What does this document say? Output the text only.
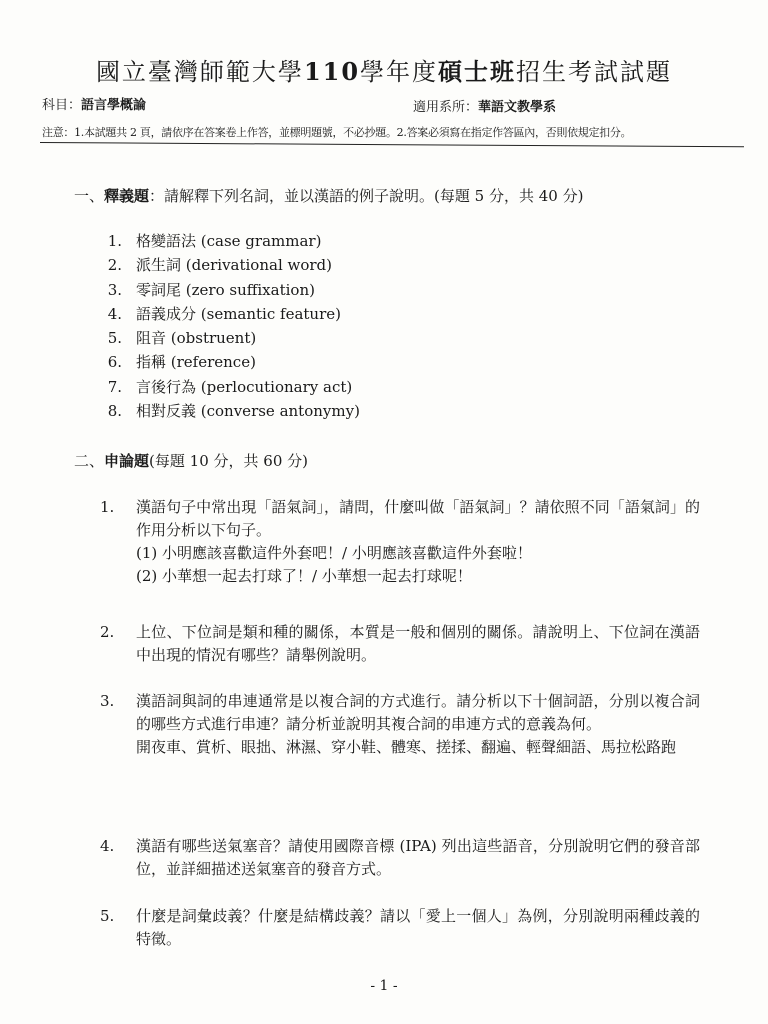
國立臺灣師範大學110學年度碩士班招生考試試題
科目：語言學概論	適用系所：華語文教學系
注意：1.本試題共 2 頁，請依序在答案卷上作答，並標明題號，不必抄題。2.答案必須寫在指定作答區內，否則依規定扣分。
一、釋義題：請解釋下列名詞，並以漢語的例子說明。(每題 5 分，共 40 分)
1. 格變語法 (case grammar)
2. 派生詞 (derivational word)
3. 零詞尾 (zero suffixation)
4. 語義成分 (semantic feature)
5. 阻音 (obstruent)
6. 指稱 (reference)
7. 言後行為 (perlocutionary act)
8. 相對反義 (converse antonymy)
二、申論題(每題 10 分，共 60 分)
1.	漢語句子中常出現「語氣詞」，請問，什麼叫做「語氣詞」？請依照不同「語氣詞」的作用分析以下句子。
(1) 小明應該喜歡這件外套吧！/ 小明應該喜歡這件外套啦！
(2) 小華想一起去打球了！/ 小華想一起去打球呢！
2.	上位、下位詞是類和種的關係，本質是一般和個別的關係。請說明上、下位詞在漢語中出現的情況有哪些？請舉例說明。
3.	漢語詞與詞的串連通常是以複合詞的方式進行。請分析以下十個詞語，分別以複合詞的哪些方式進行串連？請分析並說明其複合詞的串連方式的意義為何。
開夜車、賞析、眼拙、淋濕、穿小鞋、體寒、搓揉、翻遍、輕聲細語、馬拉松路跑
4.	漢語有哪些送氣塞音？請使用國際音標 (IPA) 列出這些語音，分別說明它們的發音部位，並詳細描述送氣塞音的發音方式。
5.	什麼是詞彙歧義？什麼是結構歧義？請以「愛上一個人」為例，分別說明兩種歧義的特徵。
- 1 -
